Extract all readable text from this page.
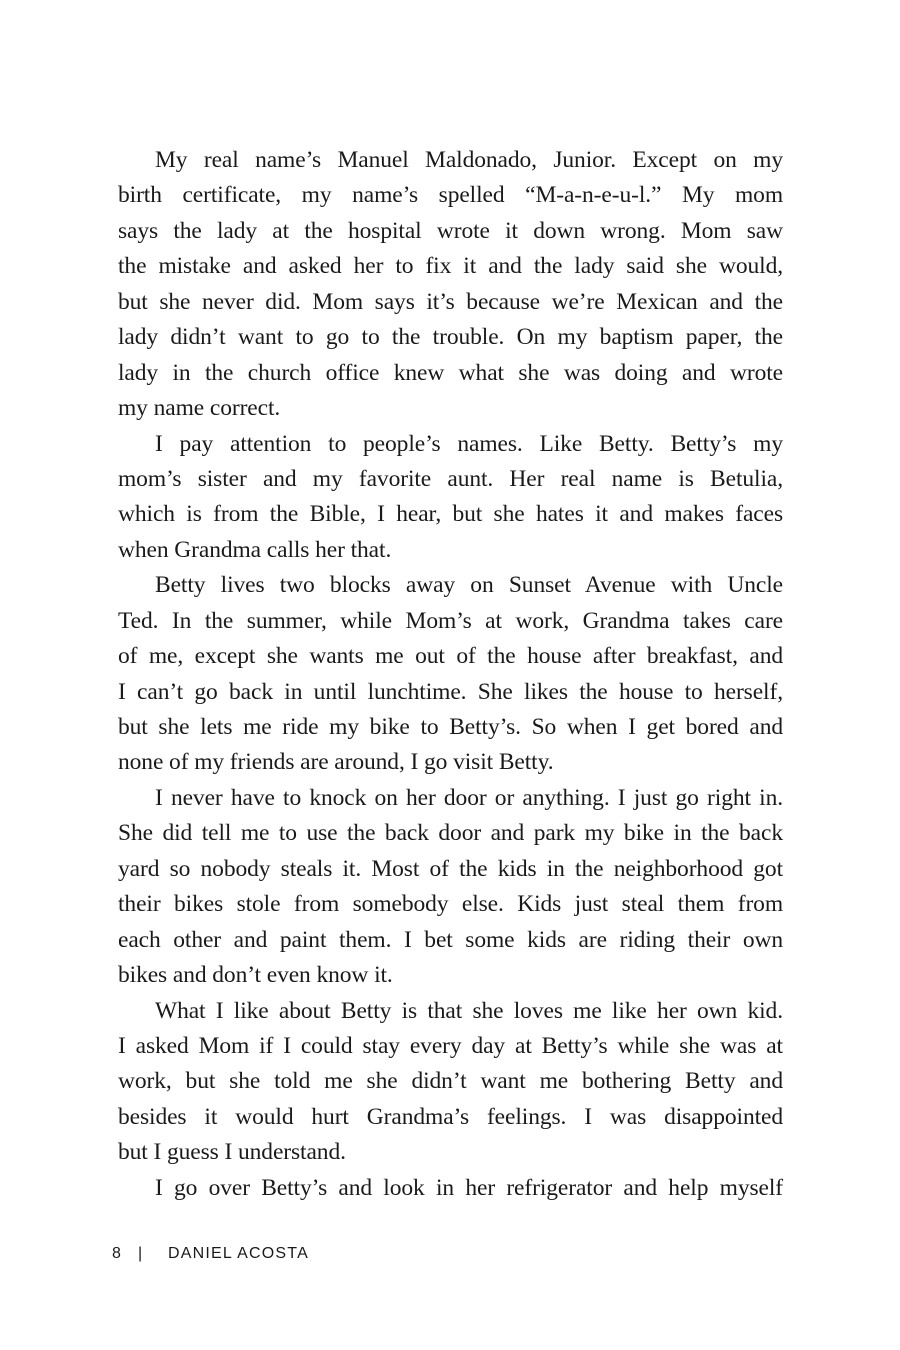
My real name’s Manuel Maldonado, Junior. Except on my
birth certificate, my name’s spelled “M-a-n-e-u-l.” My mom
says the lady at the hospital wrote it down wrong. Mom saw
the mistake and asked her to fix it and the lady said she would,
but she never did. Mom says it’s because we’re Mexican and the
lady didn’t want to go to the trouble. On my baptism paper, the
lady in the church office knew what she was doing and wrote
my name correct.
I pay attention to people’s names. Like Betty. Betty’s my
mom’s sister and my favorite aunt. Her real name is Betulia,
which is from the Bible, I hear, but she hates it and makes faces
when Grandma calls her that.
Betty lives two blocks away on Sunset Avenue with Uncle
Ted. In the summer, while Mom’s at work, Grandma takes care
of me, except she wants me out of the house after breakfast, and
I can’t go back in until lunchtime. She likes the house to herself,
but she lets me ride my bike to Betty’s. So when I get bored and
none of my friends are around, I go visit Betty.
I never have to knock on her door or anything. I just go right in.
She did tell me to use the back door and park my bike in the back
yard so nobody steals it. Most of the kids in the neighborhood got
their bikes stole from somebody else. Kids just steal them from
each other and paint them. I bet some kids are riding their own
bikes and don’t even know it.
What I like about Betty is that she loves me like her own kid.
I asked Mom if I could stay every day at Betty’s while she was at
work, but she told me she didn’t want me bothering Betty and
besides it would hurt Grandma’s feelings. I was disappointed
but I guess I understand.
I go over Betty’s and look in her refrigerator and help myself
8 |	DANIEL ACOSTA
